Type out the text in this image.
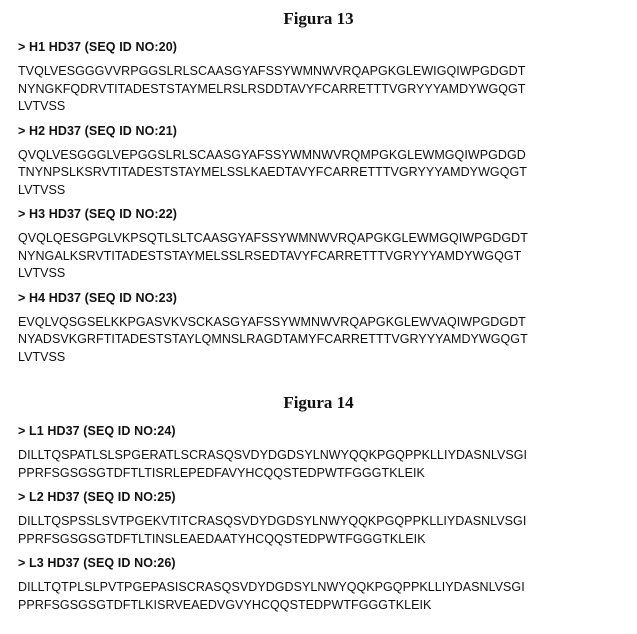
Figura 13
> H1 HD37 (SEQ ID NO:20)
TVQLVESGGGVVRPGGSLRLSCAASGYAFSSYWMNWVRQAPGKGLEWIGQIWPGDGDT
NYNGKFQDRVTITADESTSTAYMELRSLRSDDTAVYFCARRETTTVGRYYYAMDYWGQGT
LVTVSS
> H2 HD37 (SEQ ID NO:21)
QVQLVESGGGLVEPGGSLRLSCAASGYAFSSYWMNWVRQMPGKGLEWMGQIWPGDGD
TNYNPSLKSRVTITADESTSTAYMELSSLKAEDTAVYFCARRETTTVGRYYYAMDYWGQGT
LVTVSS
> H3 HD37 (SEQ ID NO:22)
QVQLQESGPGLVKPSQTLSLTCAASGYAFSSYWMNWVRQAPGKGLEWMGQIWPGDGDT
NYNGALKSRVTITADESTSTAYMELSSLRSEDTAVYFCARRETTTVGRYYYAMDYWGQGT
LVTVSS
> H4 HD37 (SEQ ID NO:23)
EVQLVQSGSELKKPGASVKVSCKASGYAFSSYWMNWVRQAPGKGLEWVAQIWPGDGDT
NYADSVKGRFTITADESTSTAYLQMNSLRAGDTAMYFCARRETTTVGRYYYAMDYWGQGT
LVTVSS
Figura 14
> L1 HD37 (SEQ ID NO:24)
DILLTQSPATLSLSPGERATLSCRASQSVDYDGDSYLNWYQQKPGQPPKLLIYDASNLVSGI
PPRFSGSGSGTDFTLTISRLEPEDFAVYHCQQSTEDPWTFGGGTKLEIK
> L2 HD37 (SEQ ID NO:25)
DILLTQSPSSLSVTPGEKVTITCRASQSVDYDGDSYLNWYQQKPGQPPKLLIYDASNLVSGI
PPRFSGSGSGTDFTLTINSLEAEDAATYHCQQSTEDPWTFGGGTKLEIK
> L3 HD37 (SEQ ID NO:26)
DILLTQTPLSLPVTPGEPASISCRASQSVDYDGDSYLNWYQQKPGQPPKLLIYDASNLVSGI
PPRFSGSGSGTDFTLKISRVEAEDVGVYHCQQSTEDPWTFGGGTKLEIK
